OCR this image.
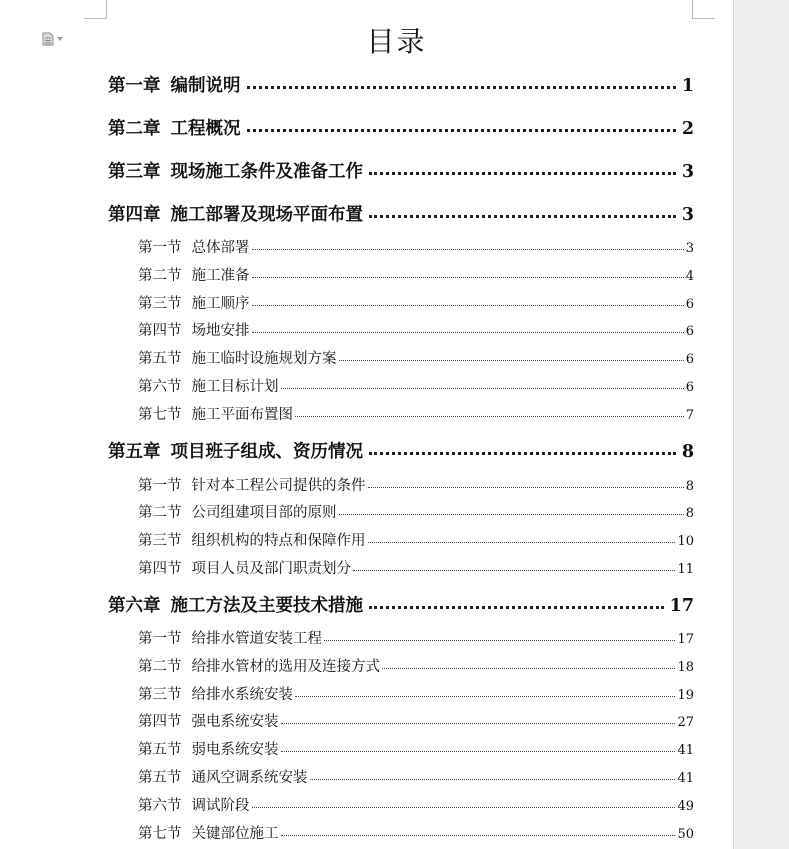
目录
第一章 编制说明	1
第二章 工程概况	2
第三章 现场施工条件及准备工作	3
第四章 施工部署及现场平面布置	3
第一节 总体部署	3
第二节 施工准备	4
第三节 施工顺序	6
第四节 场地安排	6
第五节 施工临时设施规划方案	6
第六节 施工目标计划	6
第七节 施工平面布置图	7
第五章 项目班子组成、资历情况	8
第一节 针对本工程公司提供的条件	8
第二节 公司组建项目部的原则	8
第三节 组织机构的特点和保障作用	10
第四节 项目人员及部门职责划分	11
第六章 施工方法及主要技术措施	17
第一节 给排水管道安装工程	17
第二节 给排水管材的选用及连接方式	18
第三节 给排水系统安装	19
第四节 强电系统安装	27
第五节 弱电系统安装	41
第五节 通风空调系统安装	41
第六节 调试阶段	49
第七节 关键部位施工	50
